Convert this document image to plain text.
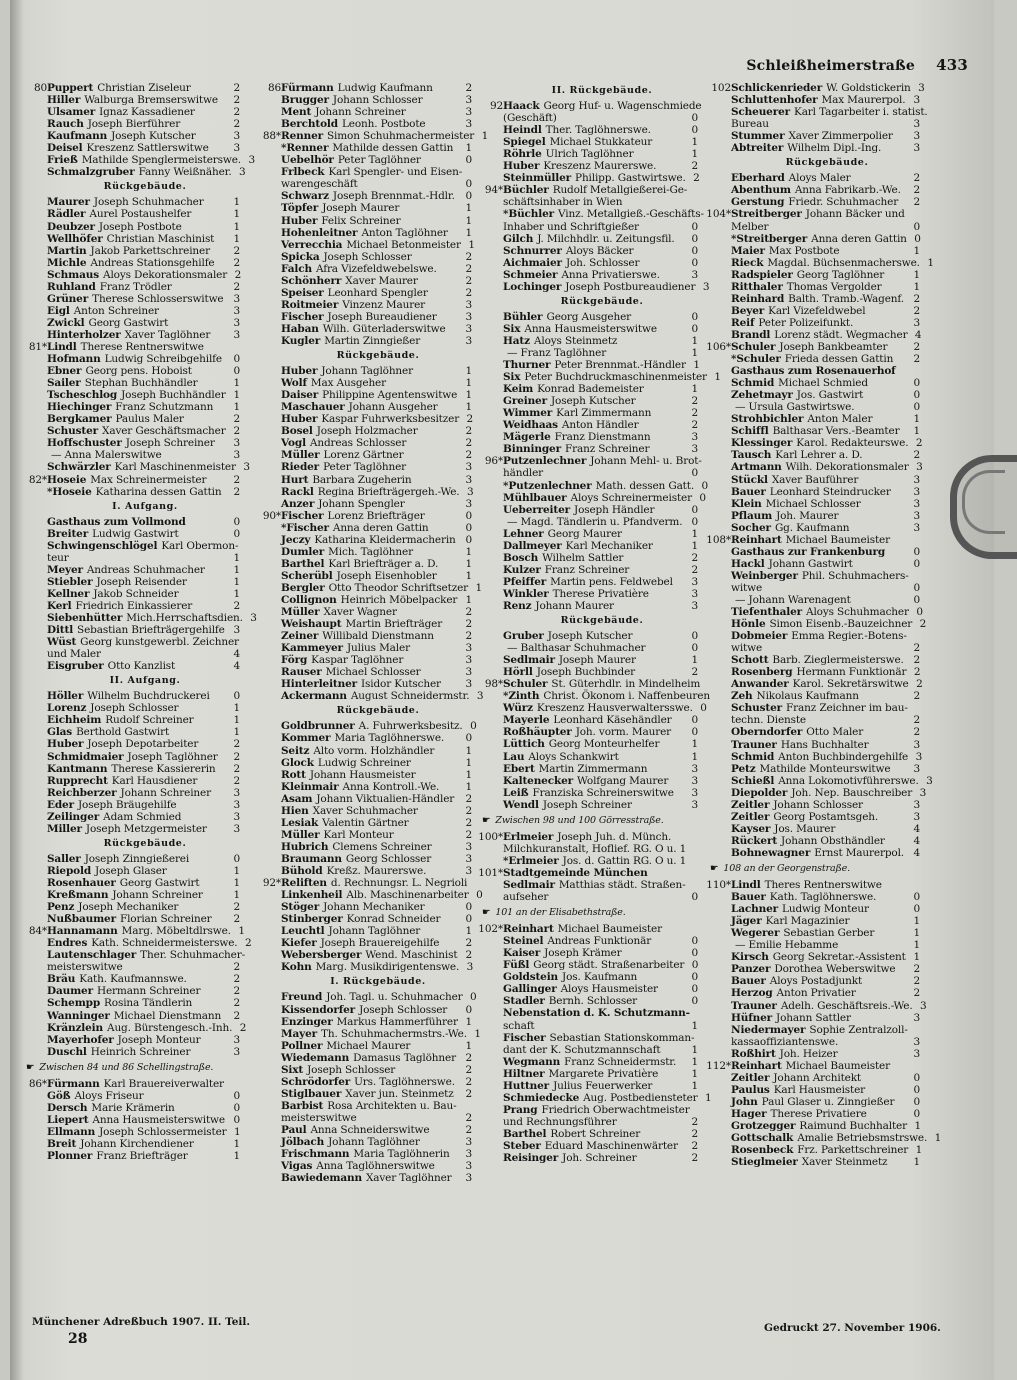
Schleißheimerstraße 433
80 Puppert Christian Ziseleur	2
Hiller Walburga Bremserswitwe	2
Ulsamer Ignaz Kassadiener	2
Rauch Joseph Bierführer	2
Kaufmann Joseph Kutscher	3
Deisel Kreszenz Sattlerswitwe	3
Frieß Mathilde Spenglermeisterswe. 3
Schmalzgruber Fanny Weißnäher. 3
Rückgebäude.
Maurer Joseph Schuhmacher	1
Rädler Aurel Postaushelfer	1
Deubzer Joseph Postbote	1
Wellhöfer Christian Maschinist	1
Martin Jakob Parkettschreiner	2
Michle Andreas Stationsgehilfe	2
Schmaus Aloys Dekorationsmaler 2
Ruhland Franz Trödler	2
Grüner Therese Schlosserswitwe 3
Eigl Anton Schreiner	3
Zwickl Georg Gastwirt	3
Hinterholzer Xaver Taglöhner	3
81* Lindl Therese Rentnerswitwe
Hofmann Ludwig Schreibgehilfe	0
Ebner Georg pens. Hoboist	0
Sailer Stephan Buchhändler	1
Tscheschlog Joseph Buchhändler 1
Hiechinger Franz Schutzmann	1
Bergkamer Paulus Maler	2
Schuster Xaver Geschäftsmacher 2
Hoffschuster Joseph Schreiner	3
— Anna Malerswitwe	3
Schwärzler Karl Maschinenmeister 3
82* Hoseie Max Schreinermeister	2
*Hoseie Katharina dessen Gattin	2
I. Aufgang.
Gasthaus zum Vollmond	0
Breiter Ludwig Gastwirt	0
Schwingenschlögel Karl Obermon-
teur	1
Meyer Andreas Schuhmacher	1
Stiebler Joseph Reisender	1
Kellner Jakob Schneider	1
Kerl Friedrich Einkassierer	2
Siebenhütter Mich.Herrschaftsdien. 3
Dittl Sebastian Briefträgergehilfe 3
Wüst Georg kunstgewerbl. Zeichner
und Maler	4
Eisgruber Otto Kanzlist	4
II. Aufgang.
Höller Wilhelm Buchdruckerei	0
Lorenz Joseph Schlosser	1
Eichheim Rudolf Schreiner	1
Glas Berthold Gastwirt	1
Huber Joseph Depotarbeiter	2
Schmidmaier Joseph Taglöhner	2
Kantmann Therese Kassiererin	2
Rupprecht Karl Hausdiener	2
Reichberzer Johann Schreiner	3
Eder Joseph Bräugehilfe	3
Zeilinger Adam Schmied	3
Miller Joseph Metzgermeister	3
Rückgebäude.
Saller Joseph Zinngießerei	0
Riepold Joseph Glaser	1
Rosenhauer Georg Gastwirt	1
Kreßmann Johann Schreiner	1
Penz Joseph Mechaniker	2
Nußbaumer Florian Schreiner	2
84* Hannamann Marg. Möbeltdlrswe. 1
Endres Kath. Schneidermeisterswe. 2
Lautenschlager Ther. Schuhmacher-
meisterswitwe	2
Bräu Kath. Kaufmannswe.	2
Daumer Hermann Schreiner	2
Schempp Rosina Tändlerin	2
Wanninger Michael Dienstmann	2
Kränzlein Aug. Bürstengesch.-Inh. 2
Mayerhofer Joseph Monteur	3
Duschl Heinrich Schreiner	3
☛ Zwischen 84 und 86 Schellingstraße.
86* Fürmann Karl Brauereiverwalter
Göß Aloys Friseur	0
Dersch Marie Krämerin	0
Liepert Anna Hausmeisterswitwe 0
Ellmann Joseph Schlossermeister 1
Breit Johann Kirchendiener	1
Plonner Franz Briefträger	1
86 Fürmann Ludwig Kaufmann	2
Brugger Johann Schlosser	3
Ment Johann Schreiner	3
Berchtold Leonh. Postbote	3
88* Renner Simon Schuhmachermeister 1
*Renner Mathilde dessen Gattin	1
Uebelhör Peter Taglöhner	0
Frlbeck Karl Spengler- und Eisen-
warengeschäft	0
Schwarz Joseph Brennmat.-Hdlr.	0
Töpfer Joseph Maurer	1
Huber Felix Schreiner	1
Hohenleitner Anton Taglöhner	1
Verrecchia Michael Betonmeister 1
Spicka Joseph Schlosser	2
Falch Afra Vizefeldwebelswe.	2
Schönherr Xaver Maurer	2
Speiser Leonhard Spengler	2
Roitmeier Vinzenz Maurer	3
Fischer Joseph Bureaudiener	3
Haban Wilh. Güterladerswitwe	3
Kugler Martin Zinngießer	3
Rückgebäude.
Huber Johann Taglöhner	1
Wolf Max Ausgeher	1
Daiser Philippine Agentenswitwe 1
Maschauer Johann Ausgeher	1
Huber Kaspar Fuhrwerksbesitzer 2
Bosel Joseph Holzmacher	2
Vogl Andreas Schlosser	2
Müller Lorenz Gärtner	2
Rieder Peter Taglöhner	3
Hurt Barbara Zugeherin	3
Rackl Regina Briefträgergeh.-We. 3
Anzer Johann Spengler	3
90* Fischer Lorenz Briefträger	0
*Fischer Anna deren Gattin	0
Jeczy Katharina Kleidermacherin 0
Dumler Mich. Taglöhner	1
Barthel Karl Briefträger a. D.	1
Scherübl Joseph Eisenhobler	1
Bergler Otto Theodor Schriftsetzer 1
Collignon Heinrich Möbelpacker 1
Müller Xaver Wagner	2
Weishaupt Martin Briefträger	2
Zeiner Willibald Dienstmann	2
Kammeyer Julius Maler	3
Förg Kaspar Taglöhner	3
Rauser Michael Schlosser	3
Hinterleitner Isidor Kutscher	3
Ackermann August Schneidermstr. 3
Rückgebäude.
Goldbrunner A. Fuhrwerksbesitz. 0
Kommer Maria Taglöhnerswe.	0
Seitz Alto vorm. Holzhändler	1
Glock Ludwig Schreiner	1
Rott Johann Hausmeister	1
Kleinmair Anna Kontroll.-We.	1
Asam Johann Viktualien-Händler	2
Hien Xaver Schuhmacher	2
Lesiak Valentin Gärtner	2
Müller Karl Monteur	2
Hubrich Clemens Schreiner	3
Braumann Georg Schlosser	3
Bühold Kreßz. Maurerswe.	3
92* Reliften d. Rechnungsr. L. Negrioli
Linkenheil Alb. Maschinenarbeiter 0
Stöger Johann Mechaniker	0
Stinberger Konrad Schneider	0
Leuchtl Johann Taglöhner	1
Kiefer Joseph Brauereigehilfe	2
Webersberger Wend. Maschinist 2
Kohn Marg. Musikdirigentenswe. 3
I. Rückgebäude.
Freund Joh. Tagl. u. Schuhmacher 0
Kissendorfer Joseph Schlosser	0
Enzinger Markus Hammerführer 1
Mayer Th. Schuhmachermstrs.-We. 1
Pollner Michael Maurer	1
Wiedemann Damasus Taglöhner 2
Sixt Joseph Schlosser	2
Schrödorfer Urs. Taglöhnerswe.	2
Stiglbauer Xaver jun. Steinmetz	2
Barbist Rosa Architekten u. Bau-
meisterswitwe	2
Paul Anna Schneiderswitwe	2
Jölbach Johann Taglöhner	3
Frischmann Maria Taglöhnerin	3
Vigas Anna Taglöhnerswitwe	3
Bawiedemann Xaver Taglöhner	3
II. Rückgebäude.
92 Haack Georg Huf- u. Wagenschmiede
(Geschäft)	0
Heindl Ther. Taglöhnerswe.	0
Spiegel Michael Stukkateur	1
Röhrle Ulrich Taglöhner	1
Huber Kreszenz Maurerswe.	2
Steinmüller Philipp. Gastwirtswe. 2
94* Büchler Rudolf Metallgießerei-Ge-
schäftsinhaber in Wien
*Büchler Vinz. Metallgieß.-Geschäfts-
Inhaber und Schriftgießer	0
Gilch J. Milchhdlr. u. Zeitungsfil.	0
Schnurrer Aloys Bäcker	0
Aichmaier Joh. Schlosser	0
Schmeier Anna Privatierswe.	3
Lochinger Joseph Postbureaudiener 3
Rückgebäude.
Bühler Georg Ausgeher	0
Six Anna Hausmeisterswitwe	0
Hatz Aloys Steinmetz	1
— Franz Taglöhner	1
Thurner Peter Brennmat.-Händler 1
Six Peter Buchdruckmaschinenmeister 1
Keim Konrad Bademeister	1
Greiner Joseph Kutscher	2
Wimmer Karl Zimmermann	2
Weidhaas Anton Händler	2
Mägerle Franz Dienstmann	3
Binninger Franz Schreiner	3
96* Putzenlechner Johann Mehl- u. Brot-
händler	0
*Putzenlechner Math. dessen Gatt. 0
Mühlbauer Aloys Schreinermeister 0
Ueberreiter Joseph Händler	0
— Magd. Tändlerin u. Pfandverm. 0
Lehner Georg Maurer	1
Dallmeyer Karl Mechaniker	1
Bosch Wilhelm Sattler	2
Kulzer Franz Schreiner	2
Pfeiffer Martin pens. Feldwebel	3
Winkler Therese Privatière	3
Renz Johann Maurer	3
Rückgebäude.
Gruber Joseph Kutscher	0
— Balthasar Schuhmacher	0
Sedlmair Joseph Maurer	1
Hörll Joseph Buchbinder	2
98* Schuler St. Güterhdlr. in Mindelheim
*Zinth Christ. Ökonom i. Naffenbeuren
Würz Kreszenz Hausverwaltersswe. 0
Mayerle Leonhard Käsehändler	0
Roßhäupter Joh. vorm. Maurer	0
Lüttich Georg Monteurhelfer	1
Lau Aloys Schankwirt	1
Ebert Martin Zimmermann	3
Kaltenecker Wolfgang Maurer	3
Leiß Franziska Schreinerswitwe	3
Wendl Joseph Schreiner	3
☛ Zwischen 98 und 100 Görresstraße.
100* Erlmeier Joseph Juh. d. Münch.
Milchkuranstalt, Hoflief. RG. O u. 1
*Erlmeier Jos. d. Gattin RG. O u. 1
101* Stadtgemeinde München
Sedlmair Matthias städt. Straßen-
aufseher	0
☛ 101 an der Elisabethstraße.
102* Reinhart Michael Baumeister
Steinel Andreas Funktionär	0
Kaiser Joseph Krämer	0
Füßl Georg städt. Straßenarbeiter 0
Goldstein Jos. Kaufmann	0
Gallinger Aloys Hausmeister	0
Stadler Bernh. Schlosser	0
Nebenstation d. K. Schutzmann-
schaft	1
Fischer Sebastian Stationskomman-
dant der K. Schutzmannschaft	1
Wegmann Franz Schneidermstr.	1
Hiltner Margarete Privatière	1
Huttner Julius Feuerwerker	1
Schmiedecke Aug. Postbediensteter 1
Prang Friedrich Oberwachtmeister
und Rechnungsführer	2
Barthel Robert Schreiner	2
Steber Eduard Maschinenwärter	2
Reisinger Joh. Schreiner	2
102 Schlickenrieder W. Goldstickerin 3
Schluttenhofer Max Maurerpol. 3
Scheuerer Karl Tagarbeiter i. statist.
Bureau	3
Stummer Xaver Zimmerpolier	3
Abtreiter Wilhelm Dipl.-Ing.	3
Rückgebäude.
Eberhard Aloys Maler	2
Abenthum Anna Fabrikarb.-We.	2
Gerstung Friedr. Schuhmacher	2
104* Streitberger Johann Bäcker und
Melber	0
*Streitberger Anna deren Gattin 0
Maier Max Postbote	1
Rieck Magdal. Büchsenmacherswe. 1
Radspieler Georg Taglöhner	1
Ritthaler Thomas Vergolder	1
Reinhard Balth. Tramb.-Wagenf. 2
Beyer Karl Vizefeldwebel	2
Reif Peter Polizeifunkt.	3
Brandl Lorenz städt. Wegmacher 4
106* Schuler Joseph Bankbeamter	2
*Schuler Frieda dessen Gattin	2
Gasthaus zum Rosenauerhof
Schmid Michael Schmied	0
Zehetmayr Jos. Gastwirt	0
— Ursula Gastwirtswe.	0
Strohbichler Anton Maler	1
Schiffl Balthasar Vers.-Beamter	1
Klessinger Karol. Redakteurswe. 2
Tausch Karl Lehrer a. D.	2
Artmann Wilh. Dekorationsmaler 3
Stückl Xaver Bauführer	3
Bauer Leonhard Steindrucker	3
Klein Michael Schlosser	3
Pflaum Joh. Maurer	3
Socher Gg. Kaufmann	3
108* Reinhart Michael Baumeister
Gasthaus zur Frankenburg	0
Hackl Johann Gastwirt	0
Weinberger Phil. Schuhmachers-
witwe	0
— Johann Warenagent	0
Tiefenthaler Aloys Schuhmacher 0
Hönle Simon Eisenb.-Bauzeichner 2
Dobmeier Emma Regier.-Botens-
witwe	2
Schott Barb. Zieglermeisterswe. 2
Rosenberg Hermann Funktionär 2
Anwander Karol. Sekretärswitwe 2
Zeh Nikolaus Kaufmann	2
Schuster Franz Zeichner im bau-
techn. Dienste	2
Oberndorfer Otto Maler	2
Trauner Hans Buchhalter	3
Schmid Anton Buchbindergehilfe 3
Petz Mathilde Monteurswitwe	3
Schießl Anna Lokomotivführerswe. 3
Diepolder Joh. Nep. Bauschreiber 3
Zeitler Johann Schlosser	3
Zeitler Georg Postamtsgeh.	3
Kayser Jos. Maurer	4
Rückert Johann Obsthändler	4
Bohnewagner Ernst Maurerpol. 4
☛ 108 an der Georgenstraße.
110* Lindl Theres Rentnerswitwe
Bauer Kath. Taglöhnerswe.	0
Lachner Ludwig Monteur	0
Jäger Karl Magazinier	1
Wegerer Sebastian Gerber	1
— Emilie Hebamme	1
Kirsch Georg Sekretar.-Assistent 1
Panzer Dorothea Weberswitwe	2
Bauer Aloys Postadjunkt	2
Herzog Anton Privatier	2
Trauner Adelh. Geschäftsreis.-We. 3
Hüfner Johann Sattler	3
Niedermayer Sophie Zentralzoll-
kassaoffiziantenswe.	3
Roßhirt Joh. Heizer	3
112* Reinhart Michael Baumeister
Zeitler Johann Architekt	0
Paulus Karl Hausmeister	0
John Paul Glaser u. Zinngießer	0
Hager Therese Privatiere	0
Grotzegger Raimund Buchhalter 1
Gottschalk Amalie Betriebsmstrswe. 1
Rosenbeck Frz. Parkettschreiner 1
Stieglmeier Xaver Steinmetz	1
Münchener Adreßbuch 1907. II. Teil.
28
Gedruckt 27. November 1906.
